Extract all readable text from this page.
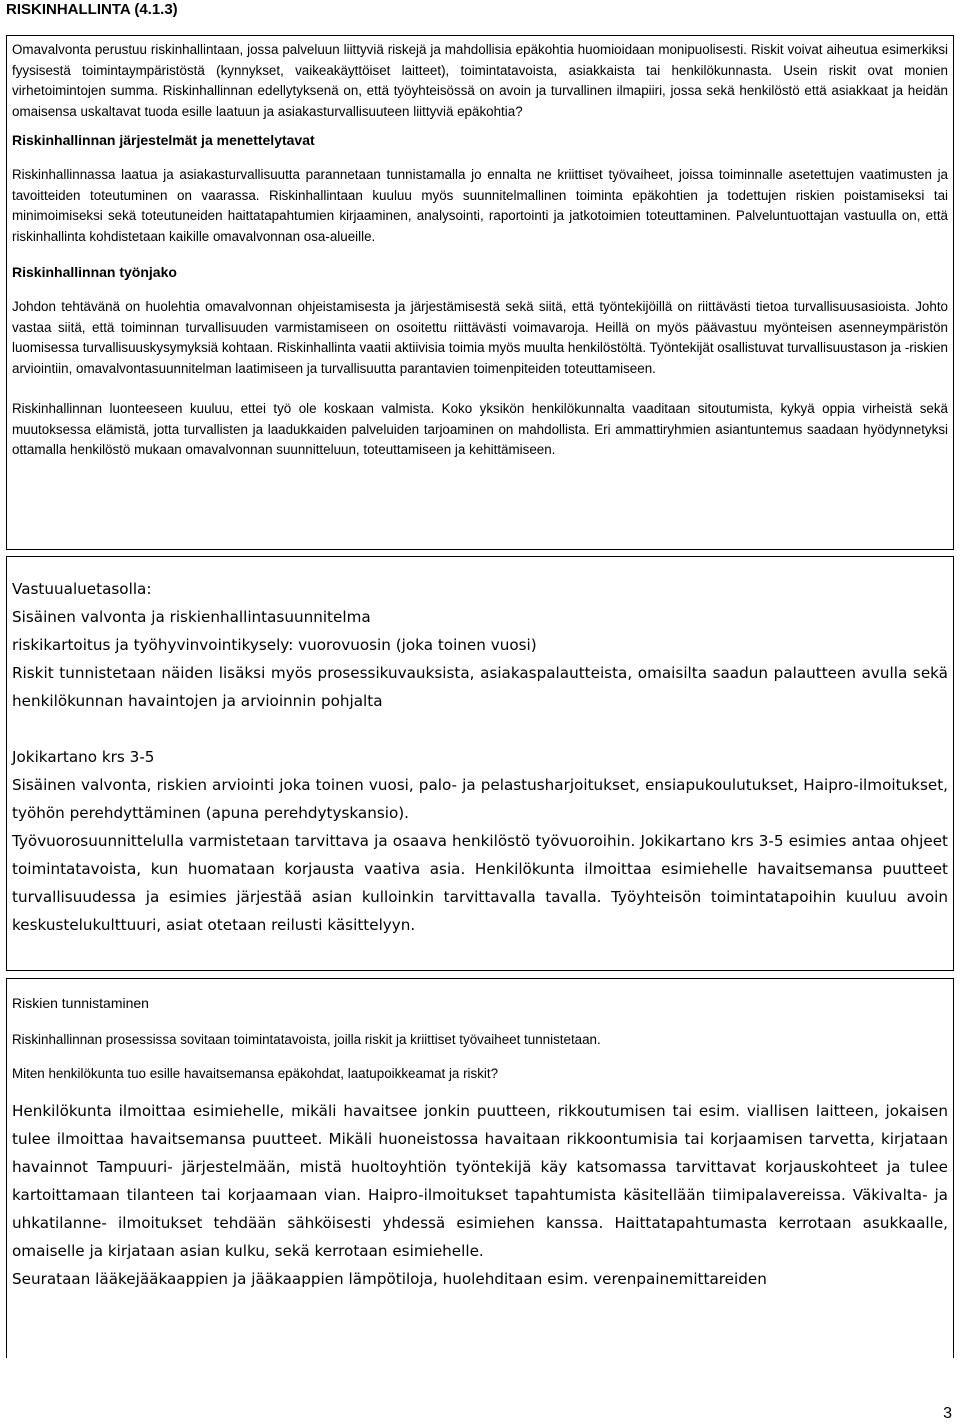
RISKINHALLINTA (4.1.3)

Omavalvonta perustuu riskinhallintaan, jossa palveluun liittyviä riskejä ja mahdollisia epäkohtia huomioidaan monipuolisesti. Riskit voivat aiheutua esimerkiksi fyysisestä toimintaympäristöstä (kynnykset, vaikeakäyttöiset laitteet), toimintatavoista, asiakkaista tai henkilökunnasta. Usein riskit ovat monien virhetoimintojen summa. Riskinhallinnan edellytyksenä on, että työyhteisössä on avoin ja turvallinen ilmapiiri, jossa sekä henkilöstö että asiakkaat ja heidän omaisensa uskaltavat tuoda esille laatuun ja asiakasturvallisuuteen liittyviä epäkohtia?

Riskinhallinnan järjestelmät ja menettelytavat

Riskinhallinnassa laatua ja asiakasturvallisuutta parannetaan tunnistamalla jo ennalta ne kriittiset työvaiheet, joissa toiminnalle asetettujen vaatimusten ja tavoitteiden toteutuminen on vaarassa. Riskinhallintaan kuuluu myös suunnitelmallinen toiminta epäkohtien ja todettujen riskien poistamiseksi tai minimoimiseksi sekä toteutuneiden haittatapahtumien kirjaaminen, analysointi, raportointi ja jatkotoimien toteuttaminen. Palveluntuottajan vastuulla on, että riskinhallinta kohdistetaan kaikille omavalvonnan osa-alueille.

Riskinhallinnan työnjako

Johdon tehtävänä on huolehtia omavalvonnan ohjeistamisesta ja järjestämisestä sekä siitä, että työntekijöillä on riittävästi tietoa turvallisuusasioista. Johto vastaa siitä, että toiminnan turvallisuuden varmistamiseen on osoitettu riittävästi voimavaroja. Heillä on myös päävastuu myönteisen asenneympäristön luomisessa turvallisuuskysymyksiä kohtaan. Riskinhallinta vaatii aktiivisia toimia myös muulta henkilöstöltä. Työntekijät osallistuvat turvallisuustason ja -riskien arviointiin, omavalvontasuunnitelman laatimiseen ja turvallisuutta parantavien toimenpiteiden toteuttamiseen.

Riskinhallinnan luonteeseen kuuluu, ettei työ ole koskaan valmista. Koko yksikön henkilökunnalta vaaditaan sitoutumista, kykyä oppia virheistä sekä muutoksessa elämistä, jotta turvallisten ja laadukkaiden palveluiden tarjoaminen on mahdollista. Eri ammattiryhmien asiantuntemus saadaan hyödynnetyksi ottamalla henkilöstö mukaan omavalvonnan suunnitteluun, toteuttamiseen ja kehittämiseen.

Vastuualuetasolla:
Sisäinen valvonta ja riskienhallintasuunnitelma
riskikartoitus ja työhyvinvointikysely: vuorovuosin (joka toinen vuosi)

Riskit tunnistetaan näiden lisäksi myös prosessikuvauksista, asiakaspalautteista, omaisilta saadun palautteen avulla sekä henkilökunnan havaintojen ja arvioinnin pohjalta

Jokikartano krs 3-5

Sisäinen valvonta, riskien arviointi joka toinen vuosi, palo- ja pelastusharjoitukset, ensiapukoulutukset, Haipro-ilmoitukset, työhön perehdyttäminen (apuna perehdytyskansio).

Työvuorosuunnittelulla varmistetaan tarvittava ja osaava henkilöstö työvuoroihin. Jokikartano krs 3-5 esimies antaa ohjeet toimintatavoista, kun huomataan korjausta vaativa asia. Henkilökunta ilmoittaa esimiehelle havaitsemansa puutteet turvallisuudessa ja esimies järjestää asian kulloinkin tarvittavalla tavalla. Työyhteisön toimintatapoihin kuuluu avoin keskustelukulttuuri, asiat otetaan reilusti käsittelyyn.

Riskien tunnistaminen

Riskinhallinnan prosessissa sovitaan toimintatavoista, joilla riskit ja kriittiset työvaiheet tunnistetaan.

Miten henkilökunta tuo esille havaitsemansa epäkohdat, laatupoikkeamat ja riskit?

Henkilökunta ilmoittaa esimiehelle, mikäli havaitsee jonkin puutteen, rikkoutumisen tai esim. viallisen laitteen, jokaisen tulee ilmoittaa havaitsemansa puutteet. Mikäli huoneistossa havaitaan rikkoontumisia tai korjaamisen tarvetta, kirjataan havainnot Tampuuri- järjestelmään, mistä huoltoyhtiön työntekijä käy katsomassa tarvittavat korjauskohteet ja tulee kartoittamaan tilanteen tai korjaamaan vian. Haipro-ilmoitukset tapahtumista käsitellään tiimipalavereissa. Väkivalta- ja uhkatilanne- ilmoitukset tehdään sähköisesti yhdessä esimiehen kanssa. Haittatapahtumasta kerrotaan asukkaalle, omaiselle ja kirjataan asian kulku, sekä kerrotaan esimiehelle.

Seurataan lääkejääkaappien ja jääkaappien lämpötiloja, huolehditaan esim. verenpainemittareiden

3
